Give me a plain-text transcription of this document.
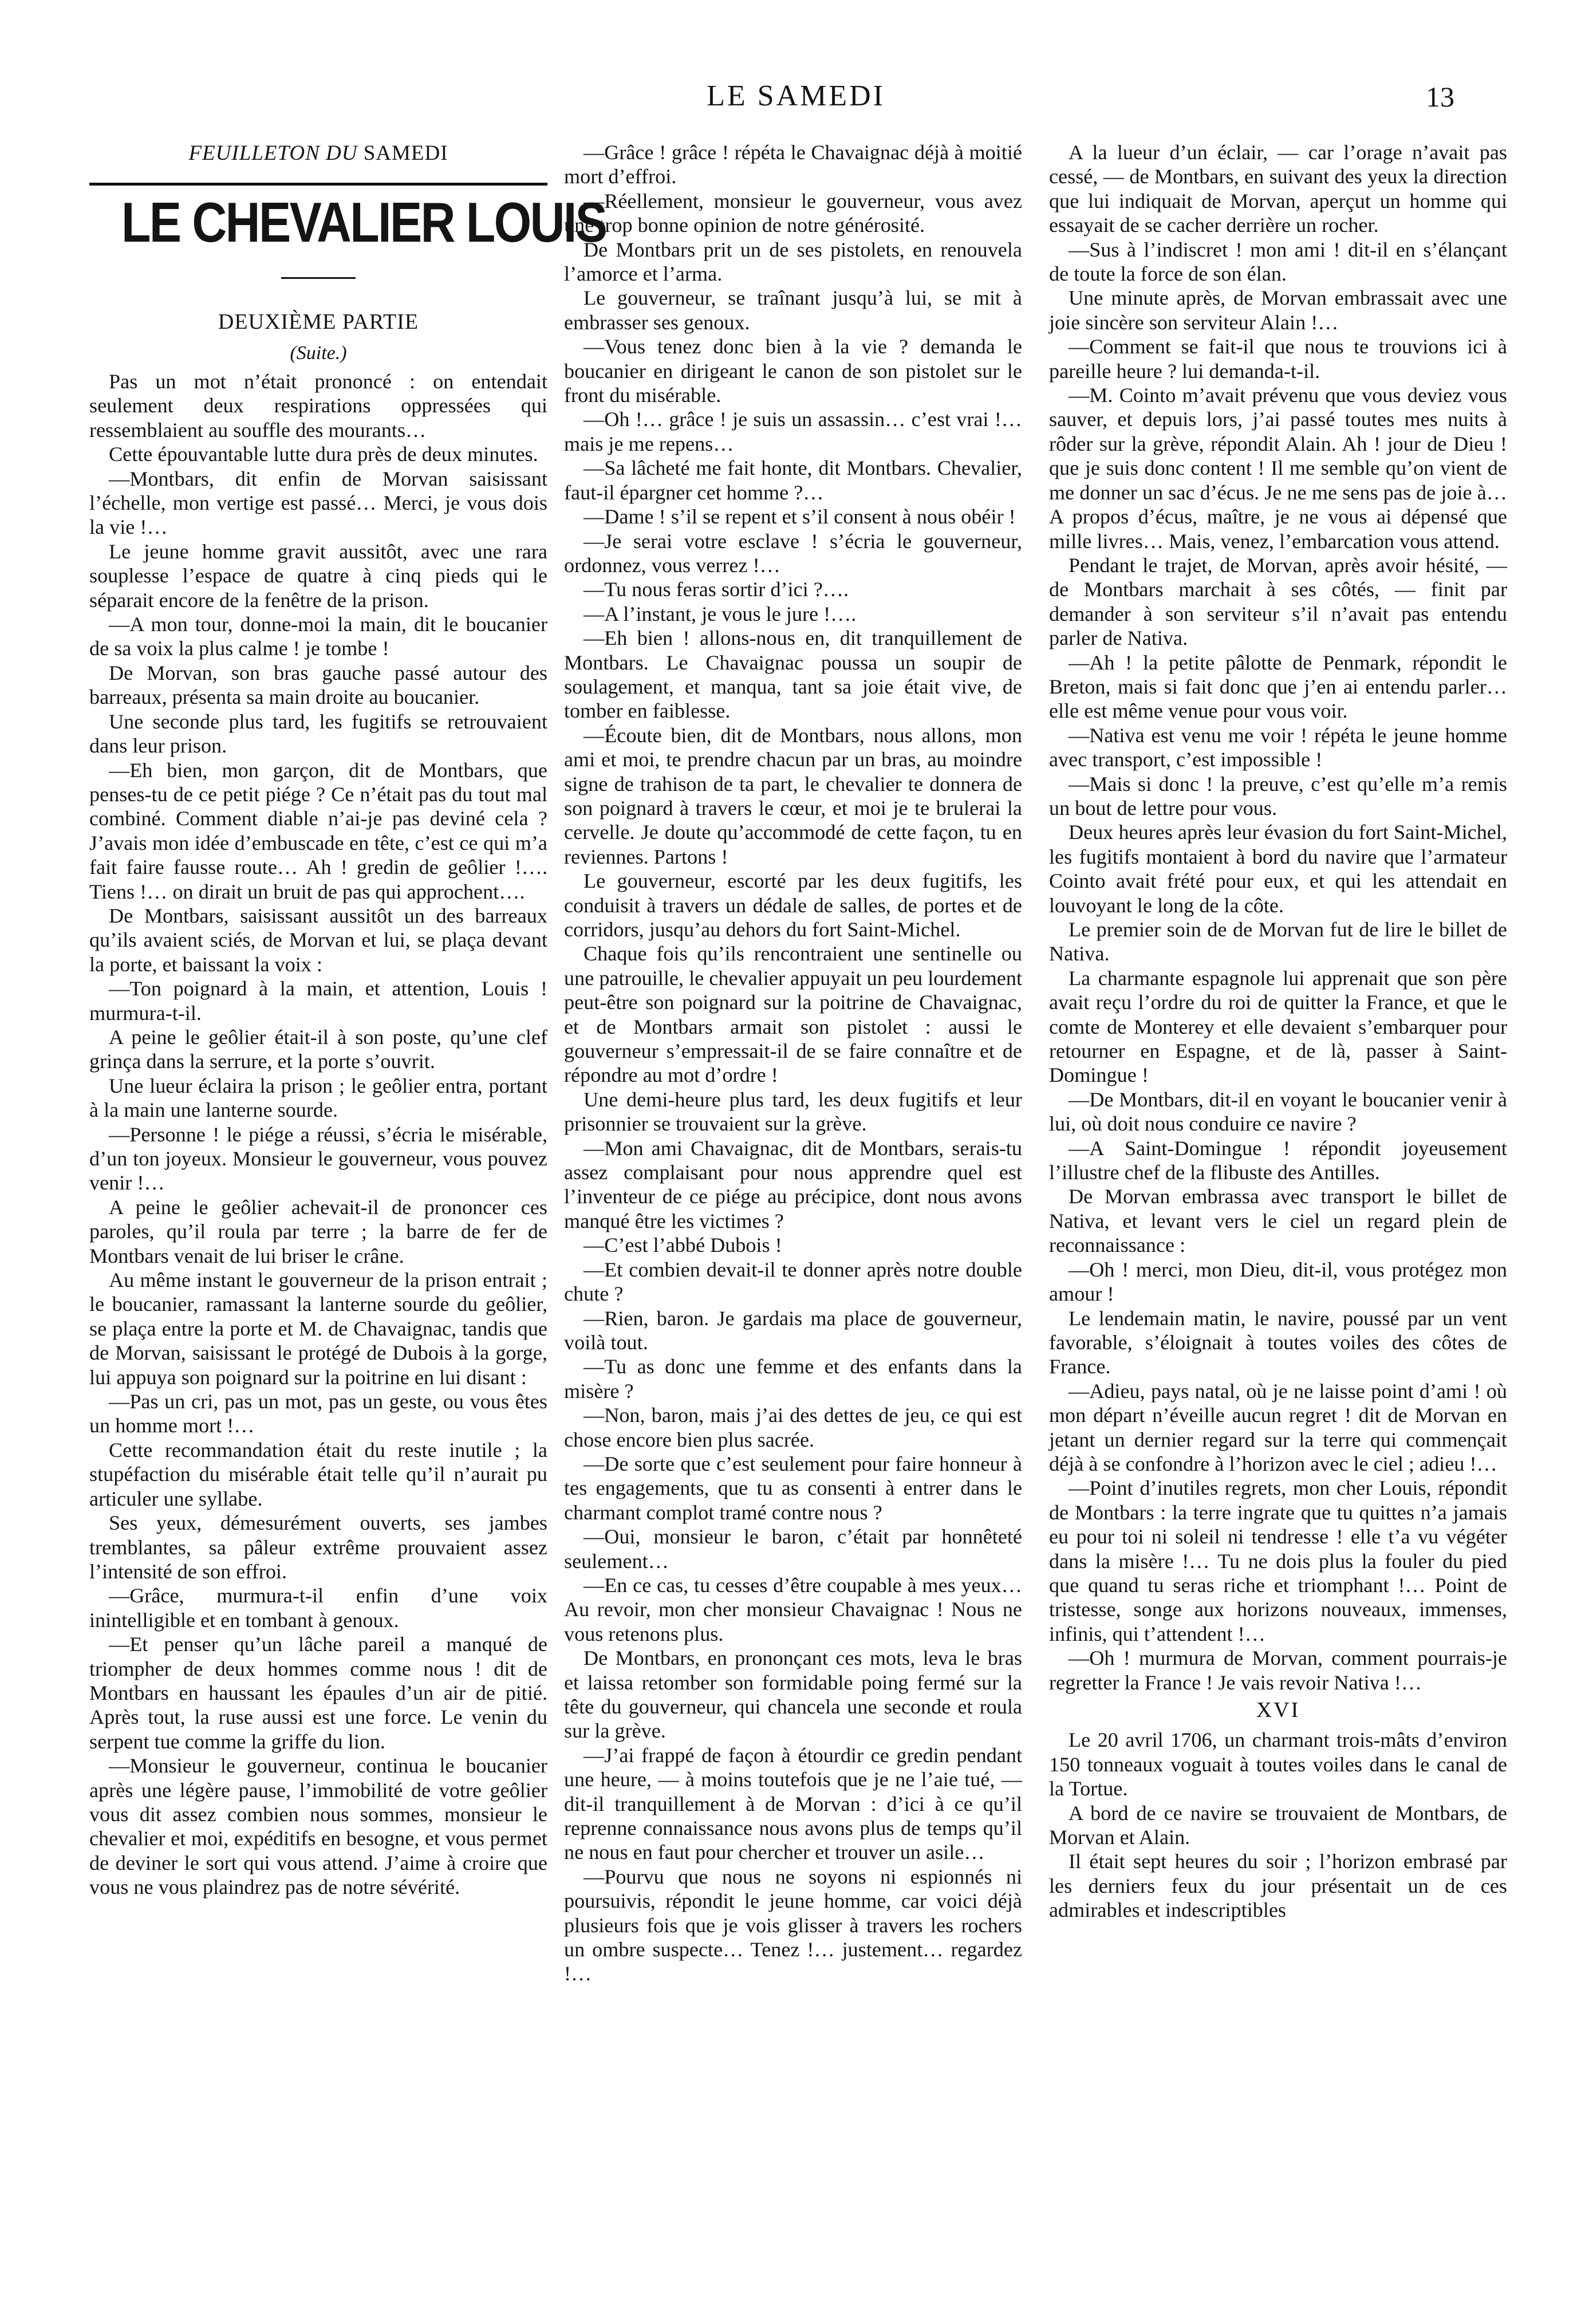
LE SAMEDI	13
FEUILLETON DU SAMEDI
LE CHEVALIER LOUIS
DEUXIÈME PARTIE
(Suite.)

Pas un mot n’était prononcé : on entendait seulement deux respirations oppressées qui ressemblaient au souffle des mourants…

Cette épouvantable lutte dura près de deux minutes.

—Montbars, dit enfin de Morvan saisissant l’échelle, mon vertige est passé… Merci, je vous dois la vie !…

Le jeune homme gravit aussitôt, avec une rara souplesse l’espace de quatre à cinq pieds qui le séparait encore de la fenêtre de la prison.

—A mon tour, donne-moi la main, dit le boucanier de sa voix la plus calme ! je tombe !

De Morvan, son bras gauche passé autour des barreaux, présenta sa main droite au boucanier.

Une seconde plus tard, les fugitifs se retrouvaient dans leur prison.

—Eh bien, mon garçon, dit de Montbars, que penses-tu de ce petit piége ? Ce n’était pas du tout mal combiné. Comment diable n’ai-je pas deviné cela ? J’avais mon idée d’embuscade en tête, c’est ce qui m’a fait faire fausse route… Ah ! gredin de geôlier !…. Tiens !… on dirait un bruit de pas qui approchent….

De Montbars, saisissant aussitôt un des barreaux qu’ils avaient sciés, de Morvan et lui, se plaça devant la porte, et baissant la voix :

—Ton poignard à la main, et attention, Louis ! murmura-t-il.

A peine le geôlier était-il à son poste, qu’une clef grinça dans la serrure, et la porte s’ouvrit.

Une lueur éclaira la prison ; le geôlier entra, portant à la main une lanterne sourde.

—Personne ! le piége a réussi, s’écria le misérable, d’un ton joyeux. Monsieur le gouverneur, vous pouvez venir !…

A peine le geôlier achevait-il de prononcer ces paroles, qu’il roula par terre ; la barre de fer de Montbars venait de lui briser le crâne.

Au même instant le gouverneur de la prison entrait ; le boucanier, ramassant la lanterne sourde du geôlier, se plaça entre la porte et M. de Chavaignac, tandis que de Morvan, saisissant le protégé de Dubois à la gorge, lui appuya son poignard sur la poitrine en lui disant :

—Pas un cri, pas un mot, pas un geste, ou vous êtes un homme mort !…

Cette recommandation était du reste inutile ; la stupéfaction du misérable était telle qu’il n’aurait pu articuler une syllabe.

Ses yeux, démesurément ouverts, ses jambes tremblantes, sa pâleur extrême prouvaient assez l’intensité de son effroi.

—Grâce, murmura-t-il enfin d’une voix inintelligible et en tombant à genoux.

—Et penser qu’un lâche pareil a manqué de triompher de deux hommes comme nous ! dit de Montbars en haussant les épaules d’un air de pitié. Après tout, la ruse aussi est une force. Le venin du serpent tue comme la griffe du lion.

—Monsieur le gouverneur, continua le boucanier après une légère pause, l’immobilité de votre geôlier vous dit assez combien nous sommes, monsieur le chevalier et moi, expéditifs en besogne, et vous permet de deviner le sort qui vous attend. J’aime à croire que vous ne vous plaindrez pas de notre sévérité.

—Grâce ! grâce ! répéta le Chavaignac déjà à moitié mort d’effroi.

—Réellement, monsieur le gouverneur, vous avez une trop bonne opinion de notre générosité.

De Montbars prit un de ses pistolets, en renouvela l’amorce et l’arma.

Le gouverneur, se traînant jusqu’à lui, se mit à embrasser ses genoux.

—Vous tenez donc bien à la vie ? demanda le boucanier en dirigeant le canon de son pistolet sur le front du misérable.

—Oh !… grâce ! je suis un assassin… c’est vrai !… mais je me repens…

—Sa lâcheté me fait honte, dit Montbars. Chevalier, faut-il épargner cet homme ?…

—Dame ! s’il se repent et s’il consent à nous obéir !

—Je serai votre esclave ! s’écria le gouverneur, ordonnez, vous verrez !…

—Tu nous feras sortir d’ici ?….

—A l’instant, je vous le jure !….

—Eh bien ! allons-nous en, dit tranquillement de Montbars. Le Chavaignac poussa un soupir de soulagement, et manqua, tant sa joie était vive, de tomber en faiblesse.

—Écoute bien, dit de Montbars, nous allons, mon ami et moi, te prendre chacun par un bras, au moindre signe de trahison de ta part, le chevalier te donnera de son poignard à travers le cœur, et moi je te brulerai la cervelle. Je doute qu’accommodé de cette façon, tu en reviennes. Partons !

Le gouverneur, escorté par les deux fugitifs, les conduisit à travers un dédale de salles, de portes et de corridors, jusqu’au dehors du fort Saint-Michel.

Chaque fois qu’ils rencontraient une sentinelle ou une patrouille, le chevalier appuyait un peu lourdement peut-être son poignard sur la poitrine de Chavaignac, et de Montbars armait son pistolet : aussi le gouverneur s’empressait-il de se faire connaître et de répondre au mot d’ordre !

Une demi-heure plus tard, les deux fugitifs et leur prisonnier se trouvaient sur la grève.

—Mon ami Chavaignac, dit de Montbars, serais-tu assez complaisant pour nous apprendre quel est l’inventeur de ce piége au précipice, dont nous avons manqué être les victimes ?

—C’est l’abbé Dubois !

—Et combien devait-il te donner après notre double chute ?

—Rien, baron. Je gardais ma place de gouverneur, voilà tout.

—Tu as donc une femme et des enfants dans la misère ?

—Non, baron, mais j’ai des dettes de jeu, ce qui est chose encore bien plus sacrée.

—De sorte que c’est seulement pour faire honneur à tes engagements, que tu as consenti à entrer dans le charmant complot tramé contre nous ?

—Oui, monsieur le baron, c’était par honnêteté seulement…

—En ce cas, tu cesses d’être coupable à mes yeux… Au revoir, mon cher monsieur Chavaignac ! Nous ne vous retenons plus.

De Montbars, en prononçant ces mots, leva le bras et laissa retomber son formidable poing fermé sur la tête du gouverneur, qui chancela une seconde et roula sur la grève.

—J’ai frappé de façon à étourdir ce gredin pendant une heure, — à moins toutefois que je ne l’aie tué, — dit-il tranquillement à de Morvan : d’ici à ce qu’il reprenne connaissance nous avons plus de temps qu’il ne nous en faut pour chercher et trouver un asile…

—Pourvu que nous ne soyons ni espionnés ni poursuivis, répondit le jeune homme, car voici déjà plusieurs fois que je vois glisser à travers les rochers un ombre suspecte… Tenez !… justement… regardez !…

A la lueur d’un éclair, — car l’orage n’avait pas cessé, — de Montbars, en suivant des yeux la direction que lui indiquait de Morvan, aperçut un homme qui essayait de se cacher derrière un rocher.

—Sus à l’indiscret ! mon ami ! dit-il en s’élançant de toute la force de son élan.

Une minute après, de Morvan embrassait avec une joie sincère son serviteur Alain !…

—Comment se fait-il que nous te trouvions ici à pareille heure ? lui demanda-t-il.

—M. Cointo m’avait prévenu que vous deviez vous sauver, et depuis lors, j’ai passé toutes mes nuits à rôder sur la grève, répondit Alain. Ah ! jour de Dieu ! que je suis donc content ! Il me semble qu’on vient de me donner un sac d’écus. Je ne me sens pas de joie à… A propos d’écus, maître, je ne vous ai dépensé que mille livres… Mais, venez, l’embarcation vous attend.

Pendant le trajet, de Morvan, après avoir hésité, — de Montbars marchait à ses côtés, — finit par demander à son serviteur s’il n’avait pas entendu parler de Nativa.

—Ah ! la petite pâlotte de Penmark, répondit le Breton, mais si fait donc que j’en ai entendu parler… elle est même venue pour vous voir.

—Nativa est venu me voir ! répéta le jeune homme avec transport, c’est impossible !

—Mais si donc ! la preuve, c’est qu’elle m’a remis un bout de lettre pour vous.

Deux heures après leur évasion du fort Saint-Michel, les fugitifs montaient à bord du navire que l’armateur Cointo avait frété pour eux, et qui les attendait en louvoyant le long de la côte.

Le premier soin de de Morvan fut de lire le billet de Nativa.

La charmante espagnole lui apprenait que son père avait reçu l’ordre du roi de quitter la France, et que le comte de Monterey et elle devaient s’embarquer pour retourner en Espagne, et de là, passer à Saint-Domingue !

—De Montbars, dit-il en voyant le boucanier venir à lui, où doit nous conduire ce navire ?

—A Saint-Domingue ! répondit joyeusement l’illustre chef de la flibuste des Antilles.

De Morvan embrassa avec transport le billet de Nativa, et levant vers le ciel un regard plein de reconnaissance :

—Oh ! merci, mon Dieu, dit-il, vous protégez mon amour !

Le lendemain matin, le navire, poussé par un vent favorable, s’éloignait à toutes voiles des côtes de France.

—Adieu, pays natal, où je ne laisse point d’ami ! où mon départ n’éveille aucun regret ! dit de Morvan en jetant un dernier regard sur la terre qui commençait déjà à se confondre à l’horizon avec le ciel ; adieu !…

—Point d’inutiles regrets, mon cher Louis, répondit de Montbars : la terre ingrate que tu quittes n’a jamais eu pour toi ni soleil ni tendresse ! elle t’a vu végéter dans la misère !… Tu ne dois plus la fouler du pied que quand tu seras riche et triomphant !… Point de tristesse, songe aux horizons nouveaux, immenses, infinis, qui t’attendent !…

—Oh ! murmura de Morvan, comment pourrais-je regretter la France ! Je vais revoir Nativa !…

XVI

Le 20 avril 1706, un charmant trois-mâts d’environ 150 tonneaux voguait à toutes voiles dans le canal de la Tortue.

A bord de ce navire se trouvaient de Montbars, de Morvan et Alain.

Il était sept heures du soir ; l’horizon embrasé par les derniers feux du jour présentait un de ces admirables et indescriptibles
